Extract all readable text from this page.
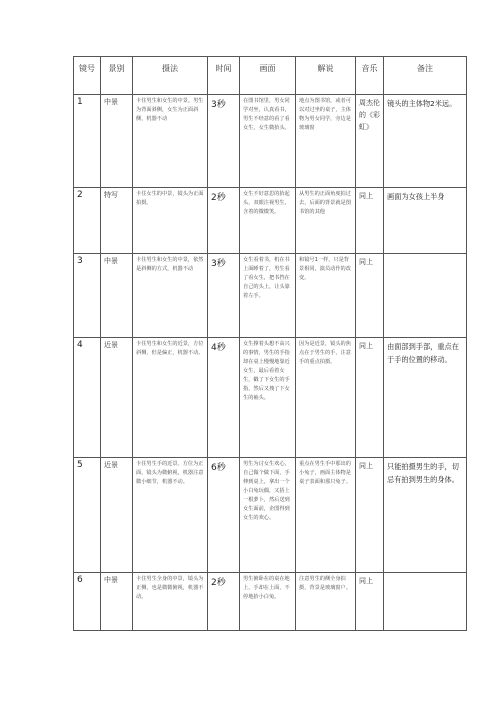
镜号	景别	摄法	时间	画面	解说	音乐	备注
1	中景	卡住男生和女生的中景。男生为背面斜侧，女生为正面斜侧，机器不动	3秒	在图书馆里，男女同学对坐，认真看书，男生不经意的看了看女生，女生微抬头。	地点为图书馆，或者可以对过坐的桌子，主体物为男女同学，旁边是玻璃窗	周杰伦的《彩虹》	镜头的主体物2米远。
2	特写	卡住女生的中景，镜头为正面拍摄。	2秒	女生不好意思的抬起头，双眼注视男生，含着的微微笑。	从男生的正面角度拍过去，后面的背景就是图书馆的其他	同上	画面为女孩上半身
3	中景	卡住男生和女生的中景，依然是斜侧的方式，机器不动	3秒	女生看着书，机在书上面睡着了，男生看了看女生，把书挡在自己的头上，让头靠着左手。	和镜号1一样，只是背景相同，演员动作的改变。	同上	
4	近景	卡住男生和女生的近景，方位斜侧，但是偏正，机器不动。	4秒	女生撑着头想不高兴的事情，男生的手指却在桌上慢慢地靠近女生，最后看着女生，戳了下女生的手指，然后又拽了下女生的袖头。	因为是近景，镜头的焦点在于男生的手，注意手的重点拍摄。	同上	由面部到手部，重点在于手的位置的移动。
5	近景	卡住男生手的近景。方位为正面，镜头为微俯视，机器注意微小细节，机器不动。	6秒	男生为讨女生欢心，自己做个做下面，手伸到桌上，拿出一个小白兔玩偶，又捂上一根萝卜，然后送到女生面前，企图得到女生的欢心。	重点在男生手中那出的小兔子，画面主体物是桌子表面和那只兔子。	同上	只能拍摄男生的手，切忌有拍到男生的身体。
6	中景	卡住男生全身的中景，镜头为正侧，也是微微俯视，机器不动。	2秒	男生俯卧在的桌在地上，手却在上面，不停地抬小白兔。	注意男生的侧全身拍摄，背景是玻璃窗户。	同上	
